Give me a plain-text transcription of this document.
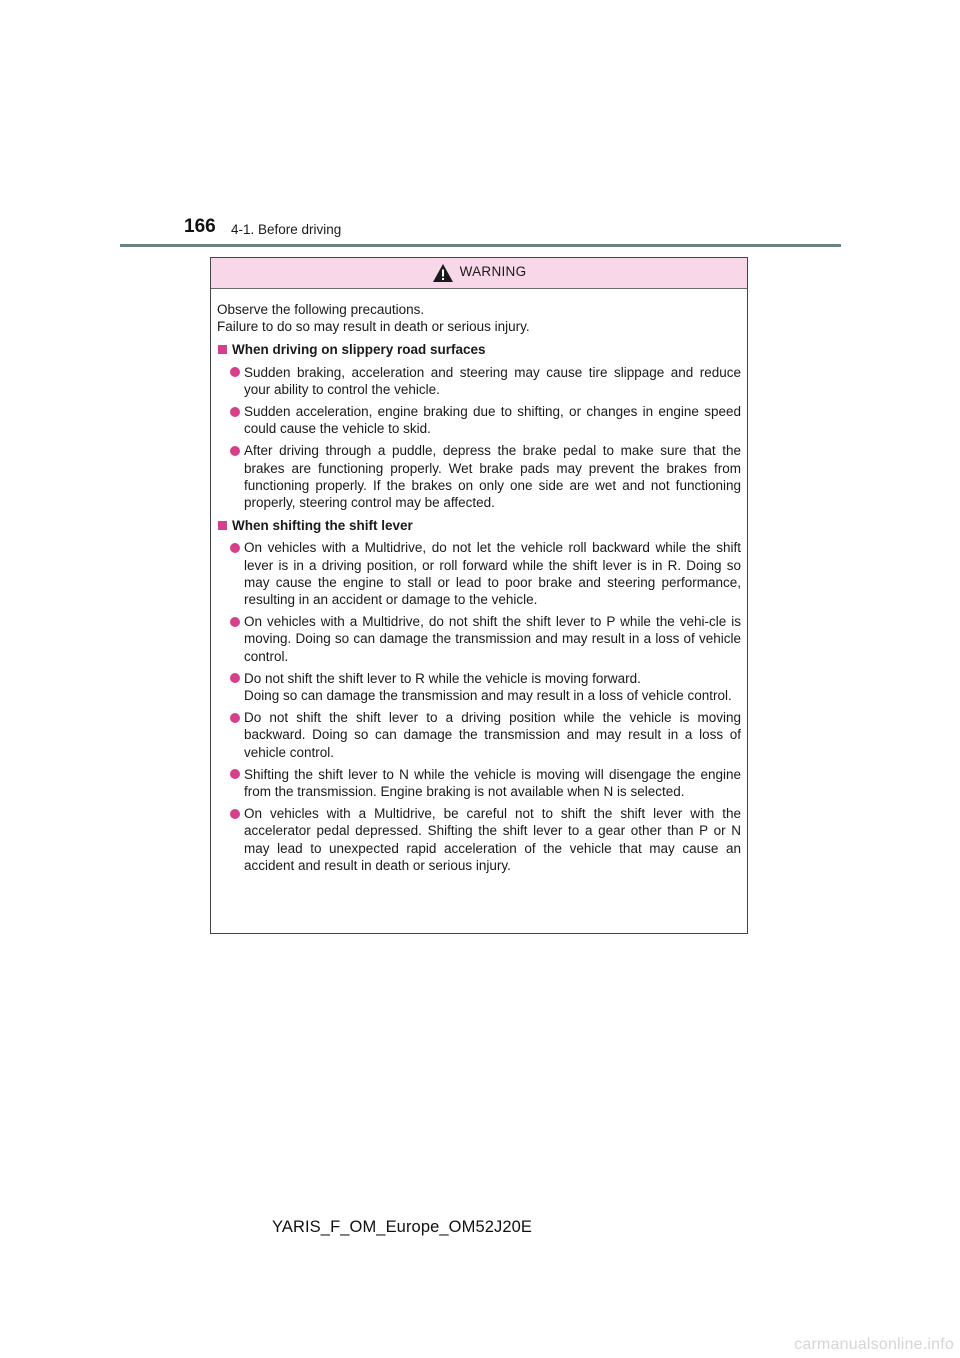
166 4-1. Before driving
WARNING

Observe the following precautions.

Failure to do so may result in death or serious injury.

When driving on slippery road surfaces
Sudden braking, acceleration and steering may cause tire slippage and reduce your ability to control the vehicle.
Sudden acceleration, engine braking due to shifting, or changes in engine speed could cause the vehicle to skid.
After driving through a puddle, depress the brake pedal to make sure that the brakes are functioning properly. Wet brake pads may prevent the brakes from functioning properly. If the brakes on only one side are wet and not functioning properly, steering control may be affected.
When shifting the shift lever
On vehicles with a Multidrive, do not let the vehicle roll backward while the shift lever is in a driving position, or roll forward while the shift lever is in R. Doing so may cause the engine to stall or lead to poor brake and steering performance, resulting in an accident or damage to the vehicle.
On vehicles with a Multidrive, do not shift the shift lever to P while the vehi-cle is moving. Doing so can damage the transmission and may result in a loss of vehicle control.
Do not shift the shift lever to R while the vehicle is moving forward.
Doing so can damage the transmission and may result in a loss of vehicle control.
Do not shift the shift lever to a driving position while the vehicle is moving backward. Doing so can damage the transmission and may result in a loss of vehicle control.
Shifting the shift lever to N while the vehicle is moving will disengage the engine from the transmission. Engine braking is not available when N is selected.
On vehicles with a Multidrive, be careful not to shift the shift lever with the accelerator pedal depressed. Shifting the shift lever to a gear other than P or N may lead to unexpected rapid acceleration of the vehicle that may cause an accident and result in death or serious injury.
YARIS_F_OM_Europe_OM52J20E
carmanualsonline.info
